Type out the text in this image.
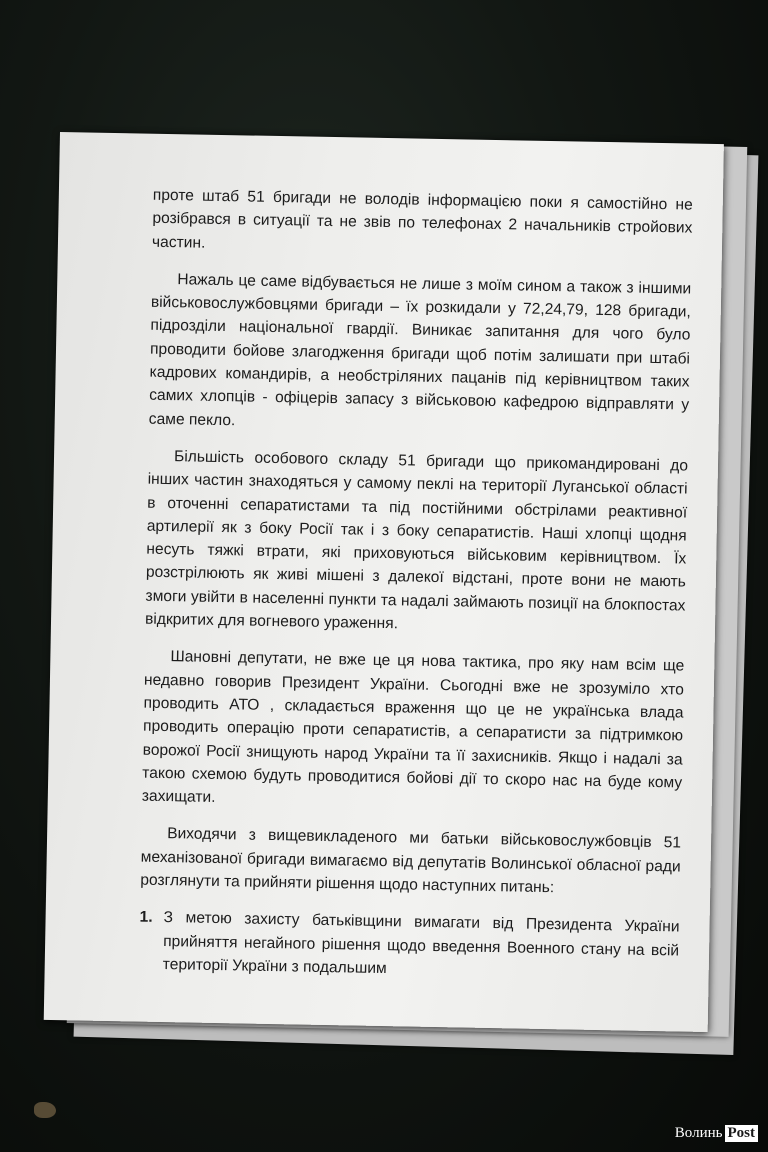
проте штаб 51 бригади не володів інформацією поки я самостійно не розібрався в ситуації та не звів по телефонах 2 начальників стройових частин.

Нажаль це саме відбувається не лише з моїм сином а також з іншими військовослужбовцями бригади – їх розкидали у 72,24,79, 128 бригади, підрозділи національної гвардії. Виникає запитання для чого було проводити бойове злагодження бригади щоб потім залишати при штабі кадрових командирів, а необстріляних пацанів під керівництвом таких самих хлопців - офіцерів запасу з військовою кафедрою відправляти у саме пекло.

Більшість особового складу 51 бригади що прикомандировані до інших частин знаходяться у самому пеклі на території Луганської області в оточенні сепаратистами та під постійними обстрілами реактивної артилерії як з боку Росії так і з боку сепаратистів. Наші хлопці щодня несуть тяжкі втрати, які приховуються військовим керівництвом. Їх розстрілюють як живі мішені з далекої відстані, проте вони не мають змоги увійти в населенні пункти та надалі займають позиції на блокпостах відкритих для вогневого ураження.

Шановні депутати, не вже це ця нова тактика, про яку нам всім ще недавно говорив Президент України. Сьогодні вже не зрозуміло хто проводить АТО , складається враження що це не українська влада проводить операцію проти сепаратистів, а сепаратисти за підтримкою ворожої Росії знищують народ України та її захисників. Якщо і надалі за такою схемою будуть проводитися бойові дії то скоро нас на буде кому захищати.

Виходячи з вищевикладеного ми батьки військовослужбовців 51 механізованої бригади вимагаємо від депутатів Волинської обласної ради розглянути та прийняти рішення щодо наступних питань:

1. З метою захисту батьківщини вимагати від Президента України прийняття негайного рішення щодо введення Военного стану на всій території України з подальшим
Волинь Post
